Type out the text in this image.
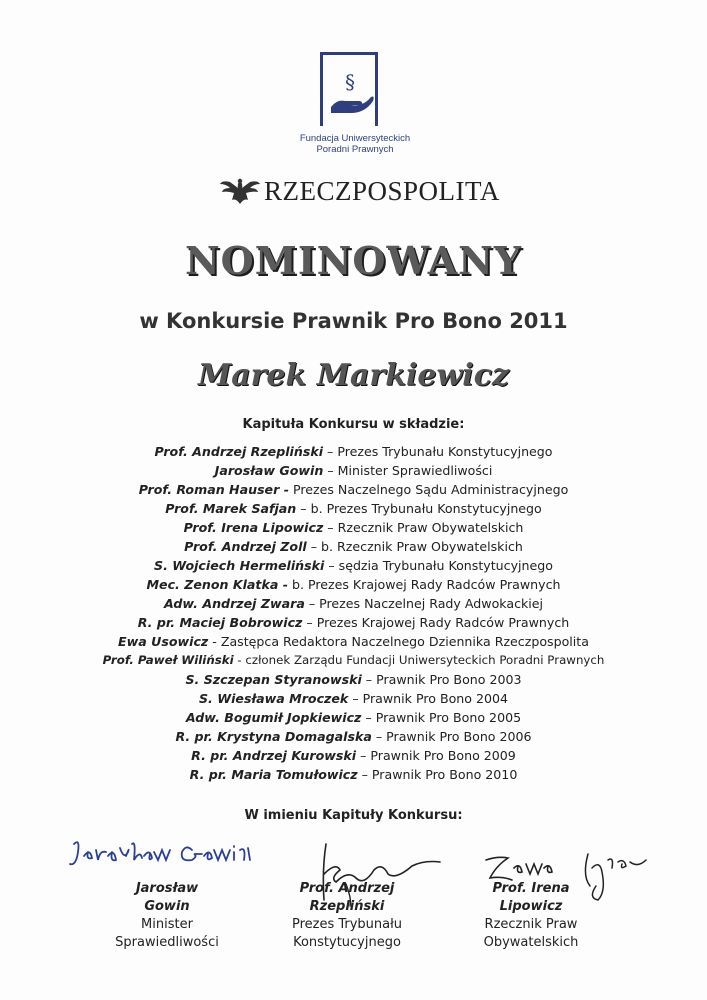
§
Fundacja Uniwersyteckich
Poradni Prawnych
RZECZPOSPOLITA
NOMINOWANY
w Konkursie Prawnik Pro Bono 2011
Marek Markiewicz
Kapituła Konkursu w składzie:
Prof. Andrzej Rzepliński – Prezes Trybunału Konstytucyjnego
Jarosław Gowin – Minister Sprawiedliwości
Prof. Roman Hauser - Prezes Naczelnego Sądu Administracyjnego
Prof. Marek Safjan – b. Prezes Trybunału Konstytucyjnego
Prof. Irena Lipowicz – Rzecznik Praw Obywatelskich
Prof. Andrzej Zoll – b. Rzecznik Praw Obywatelskich
S. Wojciech Hermeliński – sędzia Trybunału Konstytucyjnego
Mec. Zenon Klatka - b. Prezes Krajowej Rady Radców Prawnych
Adw. Andrzej Zwara – Prezes Naczelnej Rady Adwokackiej
R. pr. Maciej Bobrowicz – Prezes Krajowej Rady Radców Prawnych
Ewa Usowicz - Zastępca Redaktora Naczelnego Dziennika Rzeczpospolita
Prof. Paweł Wiliński - członek Zarządu Fundacji Uniwersyteckich Poradni Prawnych
S. Szczepan Styranowski – Prawnik Pro Bono 2003
S. Wiesława Mroczek – Prawnik Pro Bono 2004
Adw. Bogumił Jopkiewicz – Prawnik Pro Bono 2005
R. pr. Krystyna Domagalska – Prawnik Pro Bono 2006
R. pr. Andrzej Kurowski – Prawnik Pro Bono 2009
R. pr. Maria Tomułowicz – Prawnik Pro Bono 2010
W imieniu Kapituły Konkursu:
Jarosław
Gowin
Minister
Sprawiedliwości
Prof. Andrzej
Rzepliński
Prezes Trybunału
Konstytucyjnego
Prof. Irena
Lipowicz
Rzecznik Praw
Obywatelskich
